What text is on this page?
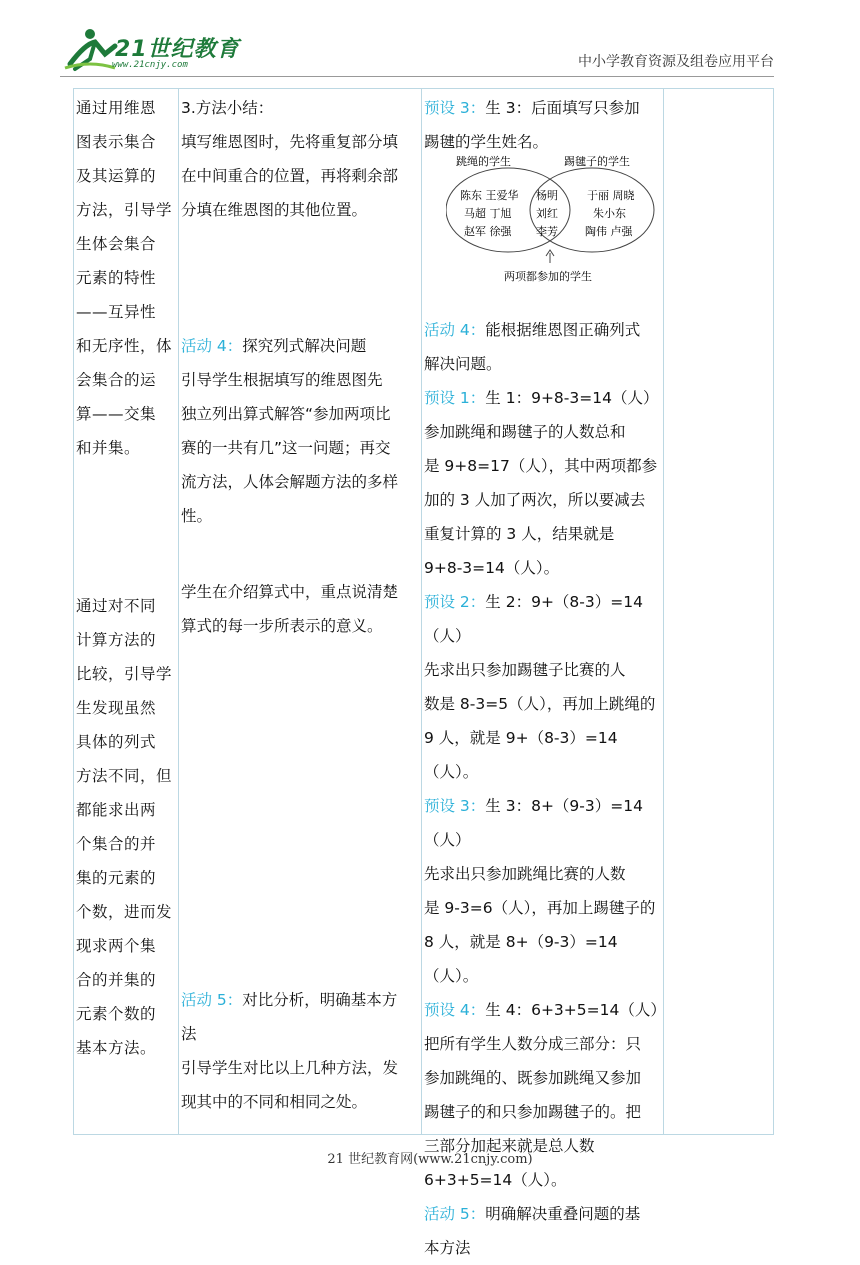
21世纪教育
www.21cnjy.com	中小学教育资源及组卷应用平台
通过用维恩
图表示集合
及其运算的
方法，引导学
生体会集合
元素的特性
——互异性
和无序性，体
会集合的运
算——交集
和并集。
通过对不同
计算方法的
比较，引导学
生发现虽然
具体的列式
方法不同，但
都能求出两
个集合的并
集的元素的
个数，进而发
现求两个集
合的并集的
元素个数的
基本方法。
3.方法小结：
填写维恩图时，先将重复部分填
在中间重合的位置，再将剩余部
分填在维恩图的其他位置。
活动 4：探究列式解决问题
引导学生根据填写的维恩图先
独立列出算式解答“参加两项比
赛的一共有几”这一问题；再交
流方法，人体会解题方法的多样
性。
学生在介绍算式中，重点说清楚
算式的每一步所表示的意义。
活动 5：对比分析，明确基本方
法
引导学生对比以上几种方法，发
现其中的不同和相同之处。
预设 3：生 3：后面填写只参加
踢毽的学生姓名。
跳绳的学生	踢毽子的学生
陈东 王爱华
马超 丁旭
赵军 徐强
杨明
刘红
李芳
于丽 周晓
朱小东
陶伟 卢强
两项都参加的学生
活动 4：能根据维恩图正确列式
解决问题。
预设 1：生 1：9+8-3=14（人）
参加跳绳和踢毽子的人数总和
是 9+8=17（人），其中两项都参
加的 3 人加了两次，所以要减去
重复计算的 3 人，结果就是
9+8-3=14（人）。
预设 2：生 2：9+（8-3）=14（人）
先求出只参加踢毽子比赛的人
数是 8-3=5（人），再加上跳绳的
9 人，就是 9+（8-3）=14（人）。
预设 3：生 3：8+（9-3）=14（人）
先求出只参加跳绳比赛的人数
是 9-3=6（人），再加上踢毽子的
8 人，就是 8+（9-3）=14（人）。
预设 4：生 4：6+3+5=14（人）
把所有学生人数分成三部分：只
参加跳绳的、既参加跳绳又参加
踢毽子的和只参加踢毽子的。把
三部分加起来就是总人数
6+3+5=14（人）。
活动 5：明确解决重叠问题的基
本方法
21 世纪教育网(www.21cnjy.com)
